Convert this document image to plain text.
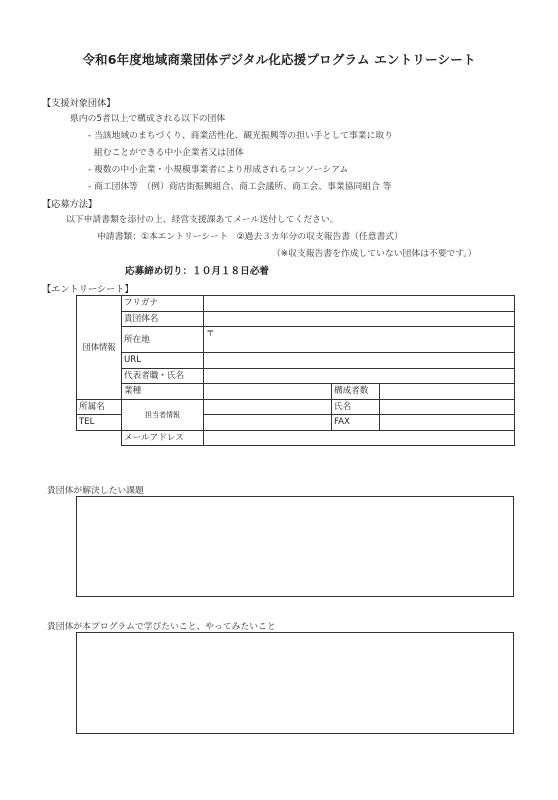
令和6年度地域商業団体デジタル化応援プログラム エントリーシート
【支援対象団体】
県内の5者以上で構成される以下の団体
- 当該地域のまちづくり、商業活性化、観光振興等の担い手として事業に取り
組むことができる中小企業者又は団体
- 複数の中小企業・小規模事業者により形成されるコンソーシアム
- 商工団体等　（例）商店街振興組合、商工会議所、商工会、事業協同組合 等
【応募方法】
以下申請書類を添付の上、経営支援課あてメール送付してください。
申請書類：①本エントリーシート　②過去３カ年分の収支報告書（任意書式）
（※収支報告書を作成していない団体は不要です。）
応募締め切り：１０月１８日必着
【エントリーシート】
団体情報	フリガナ			
	貴団体名			
	所在地	〒		
	URL			
	代表者職・氏名			
	業種		構成者数	
	担当者情報			
所属名			氏名	
TEL			FAX	
	メールアドレス			
貴団体が解決したい課題
貴団体が本プログラムで学びたいこと、やってみたいこと
